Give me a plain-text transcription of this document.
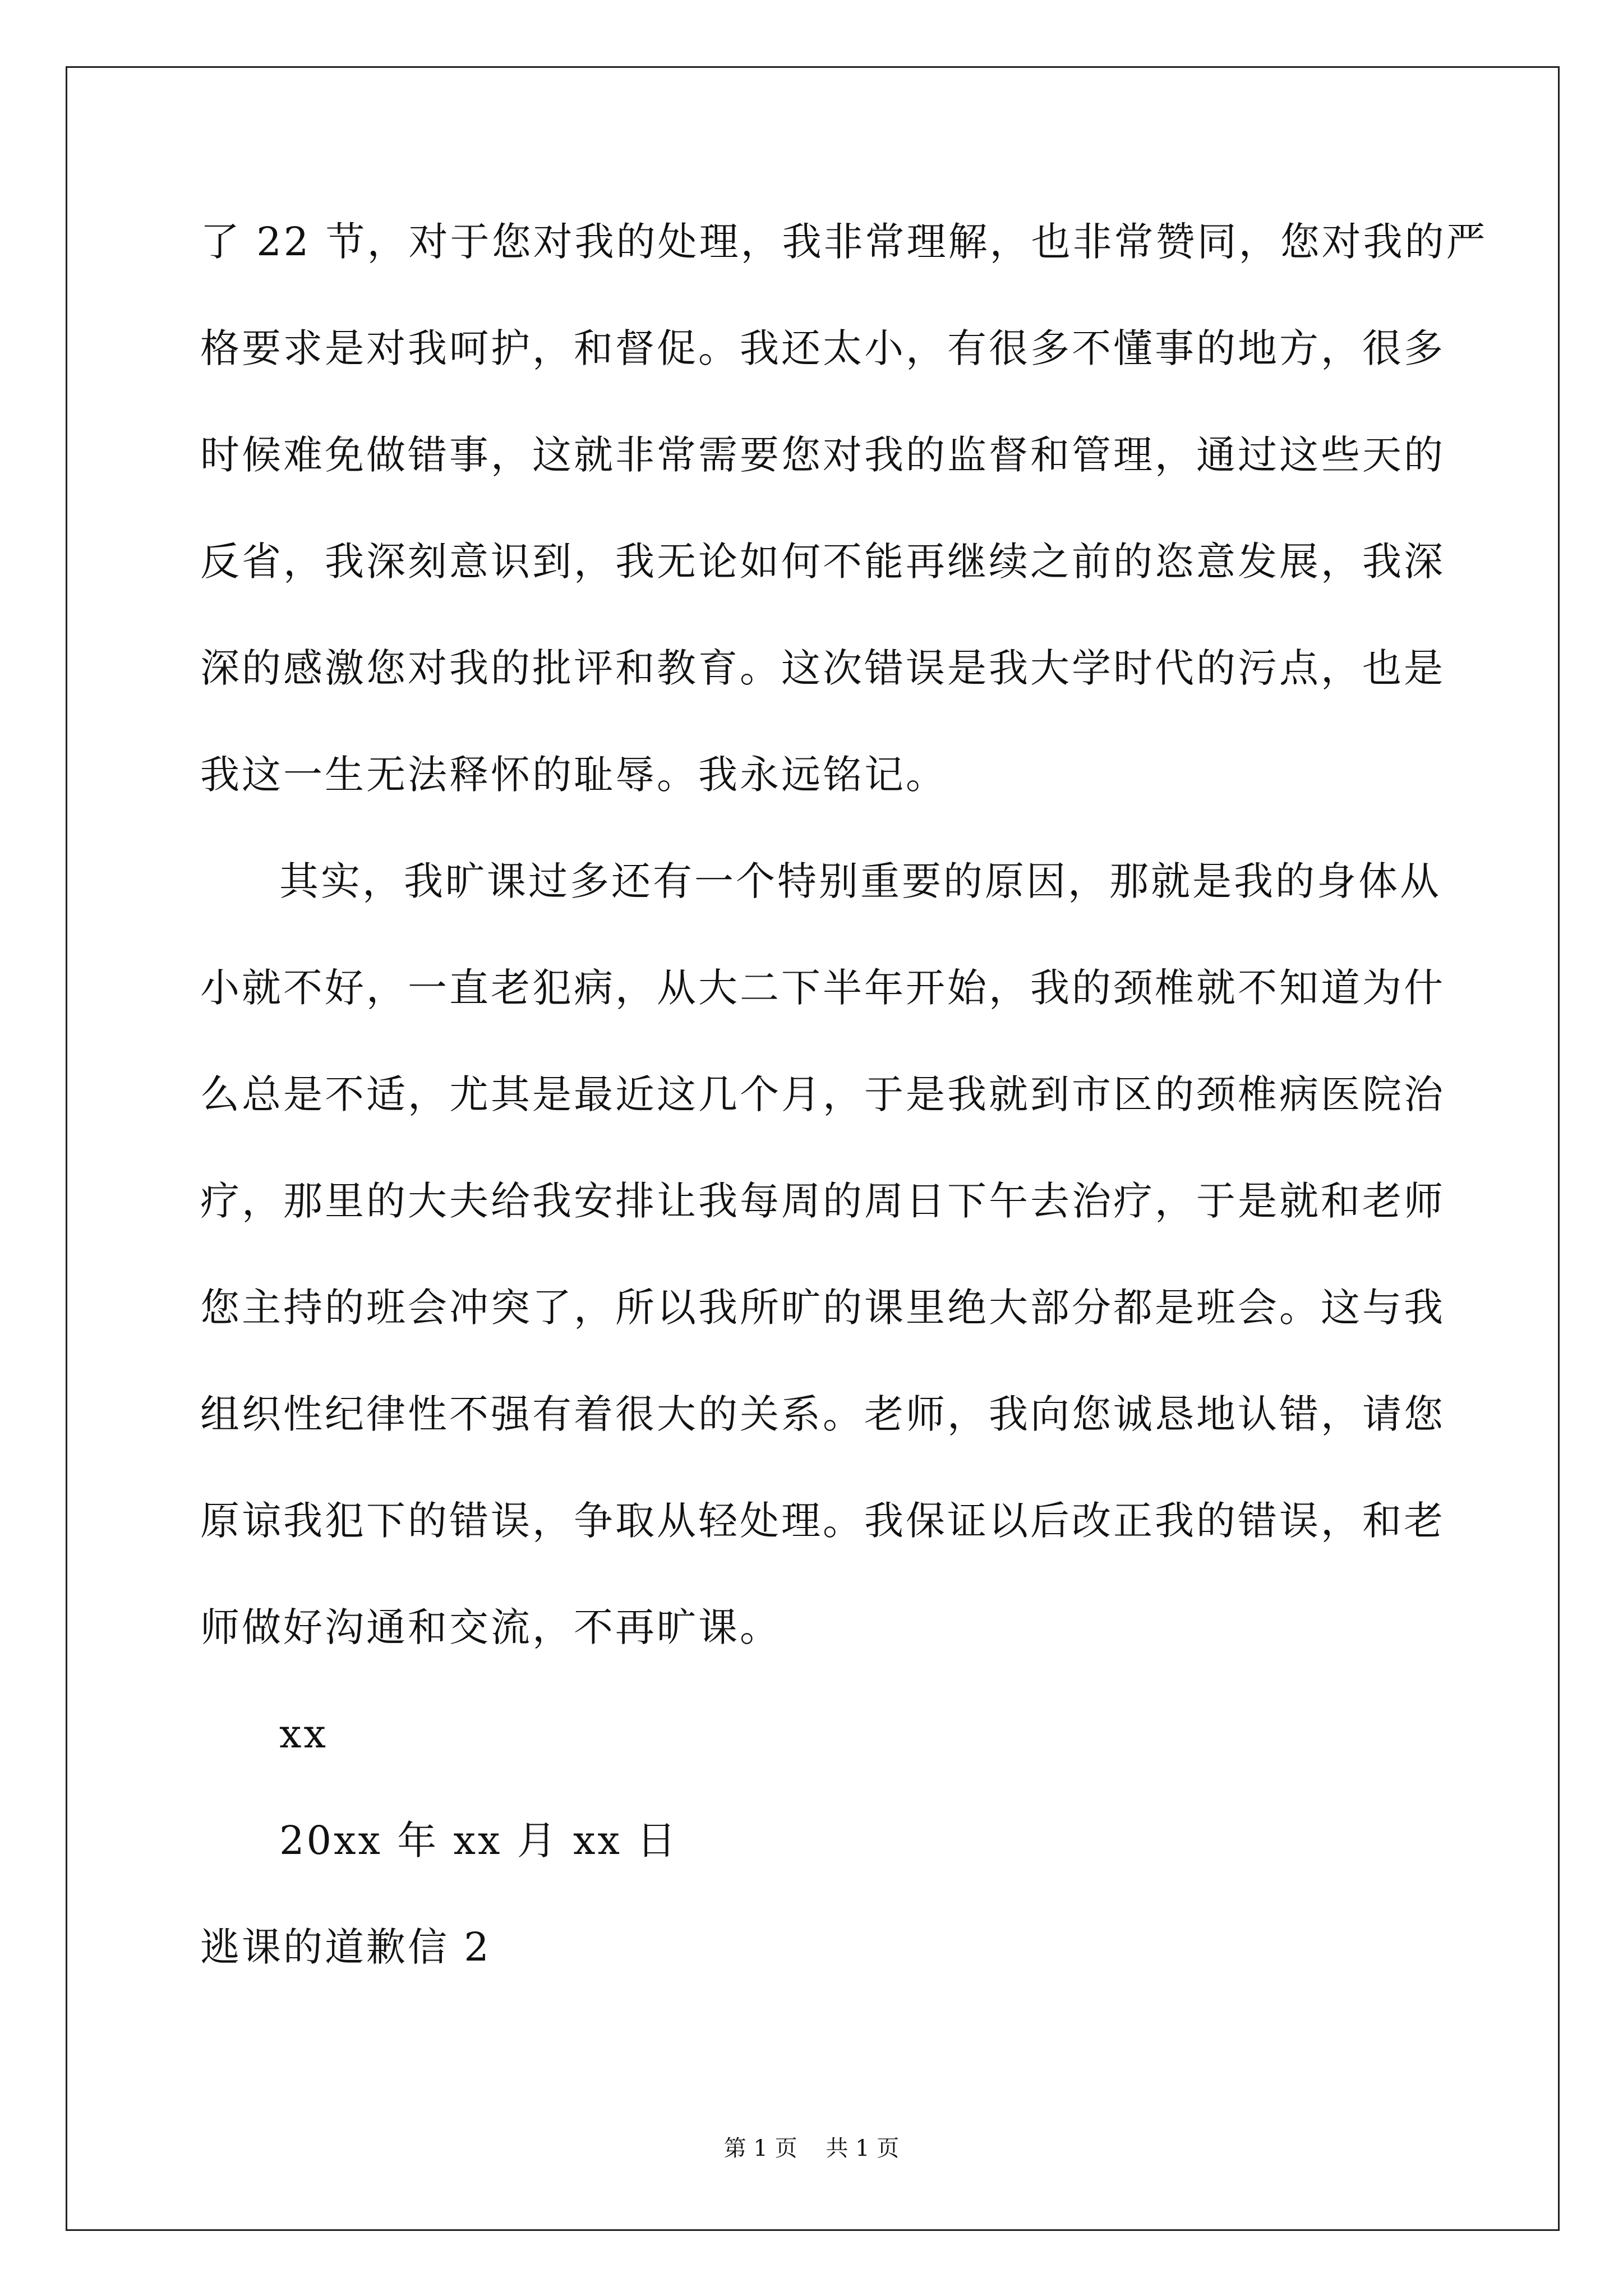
了 22 节，对于您对我的处理，我非常理解，也非常赞同，您对我的严
格要求是对我呵护，和督促。我还太小，有很多不懂事的地方，很多
时候难免做错事，这就非常需要您对我的监督和管理，通过这些天的
反省，我深刻意识到，我无论如何不能再继续之前的恣意发展，我深
深的感激您对我的批评和教育。这次错误是我大学时代的污点，也是
我这一生无法释怀的耻辱。我永远铭记。
其实，我旷课过多还有一个特别重要的原因，那就是我的身体从
小就不好，一直老犯病，从大二下半年开始，我的颈椎就不知道为什
么总是不适，尤其是最近这几个月，于是我就到市区的颈椎病医院治
疗，那里的大夫给我安排让我每周的周日下午去治疗，于是就和老师
您主持的班会冲突了，所以我所旷的课里绝大部分都是班会。这与我
组织性纪律性不强有着很大的关系。老师，我向您诚恳地认错，请您
原谅我犯下的错误，争取从轻处理。我保证以后改正我的错误，和老
师做好沟通和交流，不再旷课。
xx
20xx 年 xx 月 xx 日
逃课的道歉信 2
第 1 页    共 1 页
